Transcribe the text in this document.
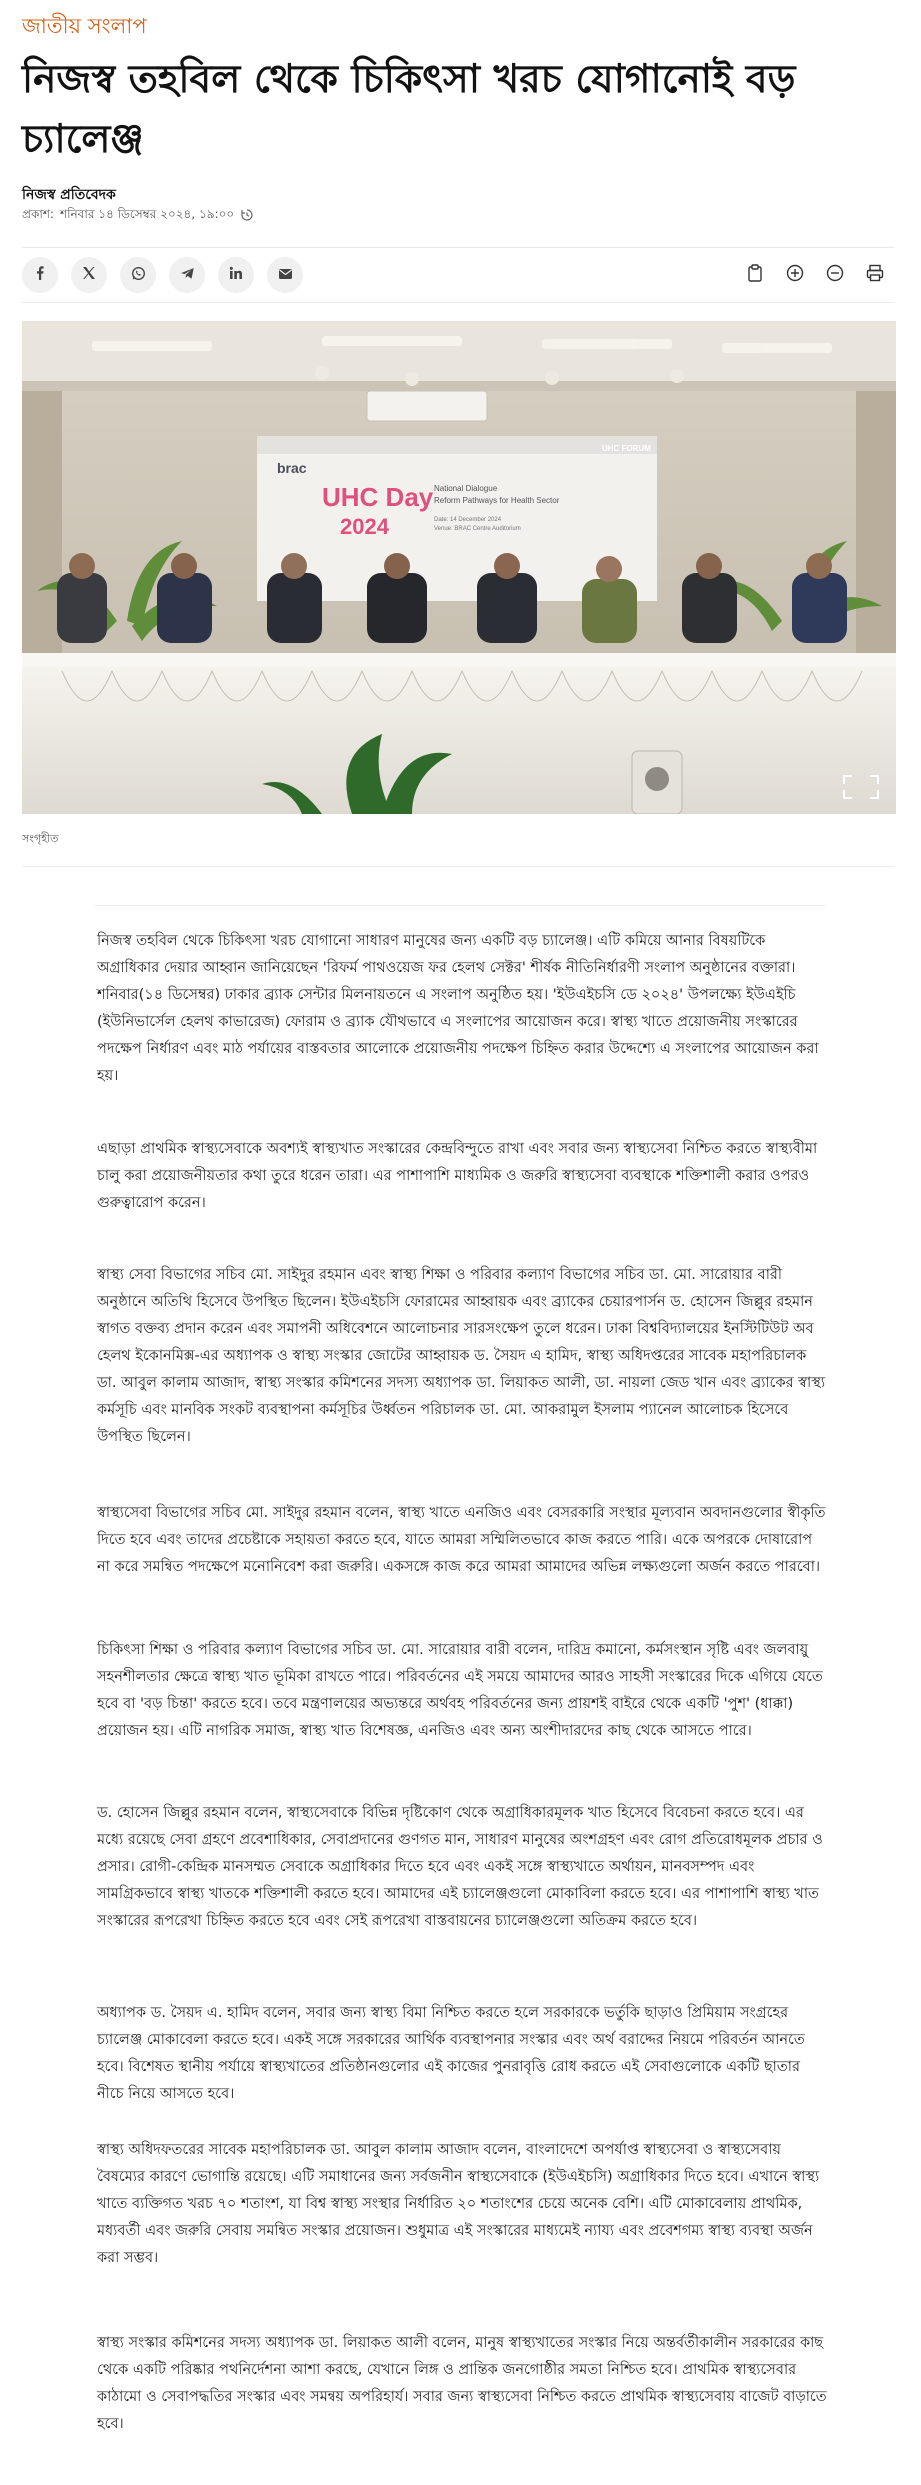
জাতীয় সংলাপ
নিজস্ব তহবিল থেকে চিকিৎসা খরচ যোগানোই বড় চ্যালেঞ্জ
নিজস্ব প্রতিবেদক
প্রকাশ: শনিবার ১৪ ডিসেম্বর ২০২৪, ১৯:০০
brac
UHC FORUM
UHC Day
2024
National Dialogue
Reform Pathways for Health Sector
Date: 14 December 2024
Venue: BRAC Centre Auditorium
সংগৃহীত

নিজস্ব তহবিল থেকে চিকিৎসা খরচ যোগানো সাধারণ মানুষের জন্য একটি বড় চ্যালেঞ্জ। এটি কমিয়ে আনার বিষয়টিকে অগ্রাধিকার দেয়ার আহ্বান জানিয়েছেন 'রিফর্ম পাথওয়েজ ফর হেলথ সেক্টর' শীর্ষক নীতিনির্ধারণী সংলাপ অনুষ্ঠানের বক্তারা। শনিবার(১৪ ডিসেম্বর) ঢাকার ব্র্যাক সেন্টার মিলনায়তনে এ সংলাপ অনুষ্ঠিত হয়। 'ইউএইচসি ডে ২০২৪' উপলক্ষ্যে ইউএইচি (ইউনিভার্সেল হেলথ কাভারেজ) ফোরাম ও ব্র্যাক যৌথভাবে এ সংলাপের আয়োজন করে। স্বাস্থ্য খাতে প্রয়োজনীয় সংস্কারের পদক্ষেপ নির্ধারণ এবং মাঠ পর্যায়ের বাস্তবতার আলোকে প্রয়োজনীয় পদক্ষেপ চিহ্নিত করার উদ্দেশ্যে এ সংলাপের আয়োজন করা হয়।

এছাড়া প্রাথমিক স্বাস্থ্যসেবাকে অবশ্যই স্বাস্থ্যখাত সংস্কারের কেন্দ্রবিন্দুতে রাখা এবং সবার জন্য স্বাস্থ্যসেবা নিশ্চিত করতে স্বাস্থ্যবীমা চালু করা প্রয়োজনীয়তার কথা তুরে ধরেন তারা। এর পাশাপাশি মাধ্যমিক ও জরুরি স্বাস্থ্যসেবা ব্যবস্থাকে শক্তিশালী করার ওপরও গুরুত্বারোপ করেন।

স্বাস্থ্য সেবা বিভাগের সচিব মো. সাইদুর রহমান এবং স্বাস্থ্য শিক্ষা ও পরিবার কল্যাণ বিভাগের সচিব ডা. মো. সারোয়ার বারী অনুষ্ঠানে অতিথি হিসেবে উপস্থিত ছিলেন। ইউএইচসি ফোরামের আহ্বায়ক এবং ব্র্যাকের চেয়ারপার্সন ড. হোসেন জিল্লুর রহমান স্বাগত বক্তব্য প্রদান করেন এবং সমাপনী অধিবেশনে আলোচনার সারসংক্ষেপ তুলে ধরেন। ঢাকা বিশ্ববিদ্যালয়ের ইনস্টিটিউট অব হেলথ ইকোনমিক্স-এর অধ্যাপক ও স্বাস্থ্য সংস্কার জোটের আহ্বায়ক ড. সৈয়দ এ হামিদ, স্বাস্থ্য অধিদপ্তরের সাবেক মহাপরিচালক ডা. আবুল কালাম আজাদ, স্বাস্থ্য সংস্কার কমিশনের সদস্য অধ্যাপক ডা. লিয়াকত আলী, ডা. নায়লা জেড খান এবং ব্র্যাকের স্বাস্থ্য কর্মসূচি এবং মানবিক সংকট ব্যবস্থাপনা কর্মসূচির উর্ধ্বতন পরিচালক ডা. মো. আকরামুল ইসলাম প্যানেল আলোচক হিসেবে উপস্থিত ছিলেন।

স্বাস্থ্যসেবা বিভাগের সচিব মো. সাইদুর রহমান বলেন, স্বাস্থ্য খাতে এনজিও এবং বেসরকারি সংস্থার মূল্যবান অবদানগুলোর স্বীকৃতি দিতে হবে এবং তাদের প্রচেষ্টাকে সহায়তা করতে হবে, যাতে আমরা সম্মিলিতভাবে কাজ করতে পারি। একে অপরকে দোষারোপ না করে সমন্বিত পদক্ষেপে মনোনিবেশ করা জরুরি। একসঙ্গে কাজ করে আমরা আমাদের অভিন্ন লক্ষ্যগুলো অর্জন করতে পারবো।

চিকিৎসা শিক্ষা ও পরিবার কল্যাণ বিভাগের সচিব ডা. মো. সারোয়ার বারী বলেন, দারিদ্র কমানো, কর্মসংস্থান সৃষ্টি এবং জলবায়ু সহনশীলতার ক্ষেত্রে স্বাস্থ্য খাত ভূমিকা রাখতে পারে। পরিবর্তনের এই সময়ে আমাদের আরও সাহসী সংস্কারের দিকে এগিয়ে যেতে হবে বা 'বড় চিন্তা' করতে হবে। তবে মন্ত্রণালয়ের অভ্যন্তরে অর্থবহ পরিবর্তনের জন্য প্রায়শই বাইরে থেকে একটি 'পুশ' (ধাক্কা) প্রয়োজন হয়। এটি নাগরিক সমাজ, স্বাস্থ্য খাত বিশেষজ্ঞ, এনজিও এবং অন্য অংশীদারদের কাছ থেকে আসতে পারে।

ড. হোসেন জিল্লুর রহমান বলেন, স্বাস্থ্যসেবাকে বিভিন্ন দৃষ্টিকোণ থেকে অগ্রাধিকারমূলক খাত হিসেবে বিবেচনা করতে হবে। এর মধ্যে রয়েছে সেবা গ্রহণে প্রবেশাধিকার, সেবাপ্রদানের গুণগত মান, সাধারণ মানুষের অংশগ্রহণ এবং রোগ প্রতিরোধমূলক প্রচার ও প্রসার। রোগী-কেন্দ্রিক মানসম্মত সেবাকে অগ্রাধিকার দিতে হবে এবং একই সঙ্গে স্বাস্থ্যখাতে অর্থায়ন, মানবসম্পদ এবং সামগ্রিকভাবে স্বাস্থ্য খাতকে শক্তিশালী করতে হবে। আমাদের এই চ্যালেঞ্জগুলো মোকাবিলা করতে হবে। এর পাশাপাশি স্বাস্থ্য খাত সংস্কারের রূপরেখা চিহ্নিত করতে হবে এবং সেই রূপরেখা বাস্তবায়নের চ্যালেঞ্জগুলো অতিক্রম করতে হবে।

অধ্যাপক ড. সৈয়দ এ. হামিদ বলেন, সবার জন্য স্বাস্থ্য বিমা নিশ্চিত করতে হলে সরকারকে ভর্তুকি ছাড়াও প্রিমিয়াম সংগ্রহের চ্যালেঞ্জ মোকাবেলা করতে হবে। একই সঙ্গে সরকারের আর্থিক ব্যবস্থাপনার সংস্কার এবং অর্থ বরাদ্দের নিয়মে পরিবর্তন আনতে হবে। বিশেষত স্থানীয় পর্যায়ে স্বাস্থ্যখাতের প্রতিষ্ঠানগুলোর এই কাজের পুনরাবৃত্তি রোধ করতে এই সেবাগুলোকে একটি ছাতার নীচে নিয়ে আসতে হবে।

স্বাস্থ্য অধিদফতরের সাবেক মহাপরিচালক ডা. আবুল কালাম আজাদ বলেন, বাংলাদেশে অপর্যাপ্ত স্বাস্থ্যসেবা ও স্বাস্থ্যসেবায় বৈষম্যের কারণে ভোগান্তি রয়েছে। এটি সমাধানের জন্য সর্বজনীন স্বাস্থ্যসেবাকে (ইউএইচসি) অগ্রাধিকার দিতে হবে। এখানে স্বাস্থ্য খাতে ব্যক্তিগত খরচ ৭০ শতাংশ, যা বিশ্ব স্বাস্থ্য সংস্থার নির্ধারিত ২০ শতাংশের চেয়ে অনেক বেশি। এটি মোকাবেলায় প্রাথমিক, মধ্যবর্তী এবং জরুরি সেবায় সমন্বিত সংস্কার প্রয়োজন। শুধুমাত্র এই সংস্কারের মাধ্যমেই ন্যায্য এবং প্রবেশগম্য স্বাস্থ্য ব্যবস্থা অর্জন করা সম্ভব।

স্বাস্থ্য সংস্কার কমিশনের সদস্য অধ্যাপক ডা. লিয়াকত আলী বলেন, মানুষ স্বাস্থ্যখাতের সংস্কার নিয়ে অন্তর্বর্তীকালীন সরকারের কাছ থেকে একটি পরিষ্কার পথনির্দেশনা আশা করছে, যেখানে লিঙ্গ ও প্রান্তিক জনগোষ্ঠীর সমতা নিশ্চিত হবে। প্রাথমিক স্বাস্থ্যসেবার কাঠামো ও সেবাপদ্ধতির সংস্কার এবং সমন্বয় অপরিহার্য। সবার জন্য স্বাস্থ্যসেবা নিশ্চিত করতে প্রাথমিক স্বাস্থ্যসেবায় বাজেট বাড়াতে হবে।
